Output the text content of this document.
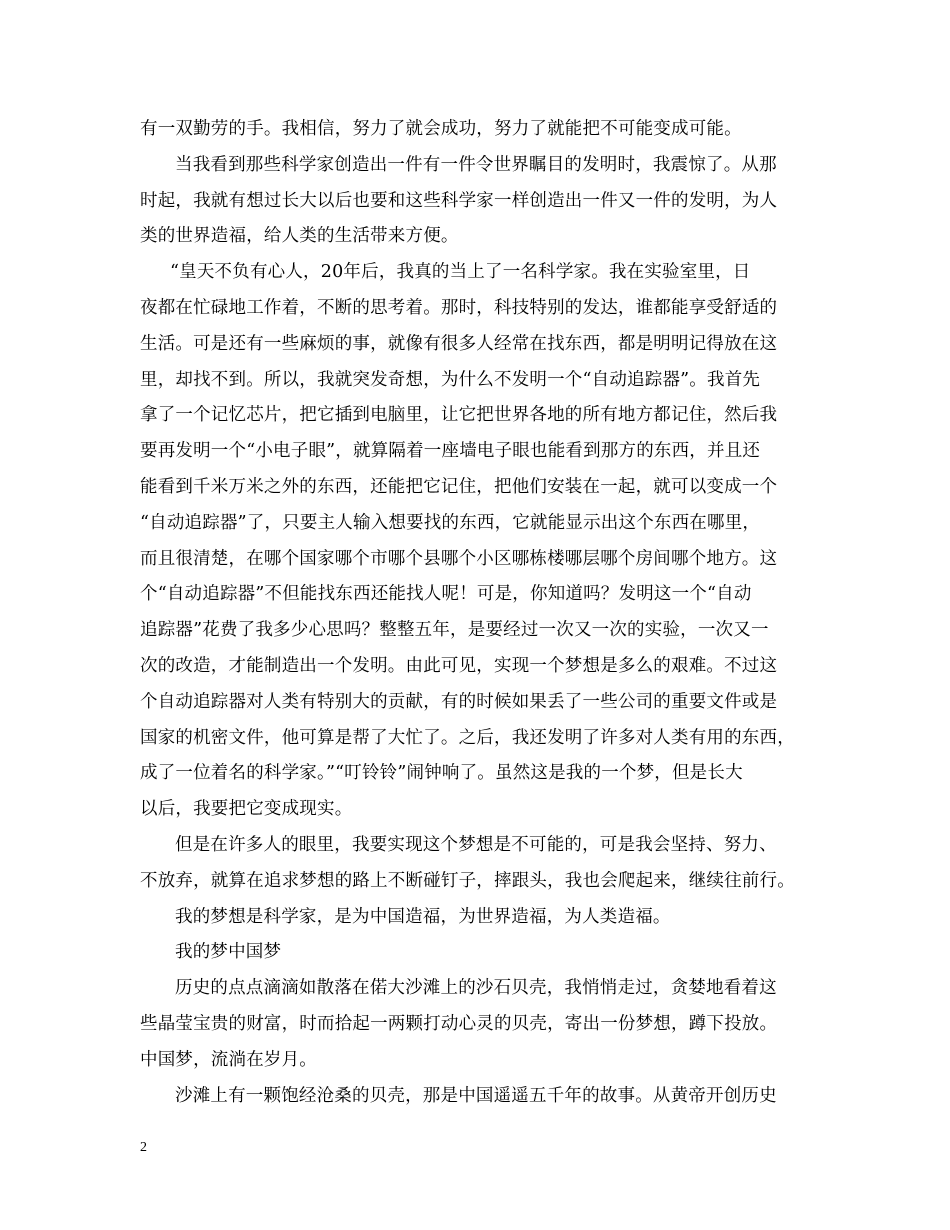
有一双勤劳的手。我相信，努力了就会成功，努力了就能把不可能变成可能。
当我看到那些科学家创造出一件有一件令世界瞩目的发明时，我震惊了。从那
时起，我就有想过长大以后也要和这些科学家一样创造出一件又一件的发明，为人
类的世界造福，给人类的生活带来方便。
“皇天不负有心人，20年后，我真的当上了一名科学家。我在实验室里，日
夜都在忙碌地工作着，不断的思考着。那时，科技特别的发达，谁都能享受舒适的
生活。可是还有一些麻烦的事，就像有很多人经常在找东西，都是明明记得放在这
里，却找不到。所以，我就突发奇想，为什么不发明一个“自动追踪器”。我首先
拿了一个记忆芯片，把它插到电脑里，让它把世界各地的所有地方都记住，然后我
要再发明一个“小电子眼”，就算隔着一座墙电子眼也能看到那方的东西，并且还
能看到千米万米之外的东西，还能把它记住，把他们安装在一起，就可以变成一个
“自动追踪器”了，只要主人输入想要找的东西，它就能显示出这个东西在哪里，
而且很清楚，在哪个国家哪个市哪个县哪个小区哪栋楼哪层哪个房间哪个地方。这
个“自动追踪器”不但能找东西还能找人呢！可是，你知道吗？发明这一个“自动
追踪器”花费了我多少心思吗？整整五年，是要经过一次又一次的实验，一次又一
次的改造，才能制造出一个发明。由此可见，实现一个梦想是多么的艰难。不过这
个自动追踪器对人类有特别大的贡献，有的时候如果丢了一些公司的重要文件或是
国家的机密文件，他可算是帮了大忙了。之后，我还发明了许多对人类有用的东西，
成了一位着名的科学家。”“叮铃铃”闹钟响了。虽然这是我的一个梦，但是长大
以后，我要把它变成现实。
但是在许多人的眼里，我要实现这个梦想是不可能的，可是我会坚持、努力、
不放弃，就算在追求梦想的路上不断碰钉子，摔跟头，我也会爬起来，继续往前行。
我的梦想是科学家，是为中国造福，为世界造福，为人类造福。
我的梦中国梦
历史的点点滴滴如散落在偌大沙滩上的沙石贝壳，我悄悄走过，贪婪地看着这
些晶莹宝贵的财富，时而拾起一两颗打动心灵的贝壳，寄出一份梦想，蹲下投放。
中国梦，流淌在岁月。
沙滩上有一颗饱经沧桑的贝壳，那是中国遥遥五千年的故事。从黄帝开创历史
2
